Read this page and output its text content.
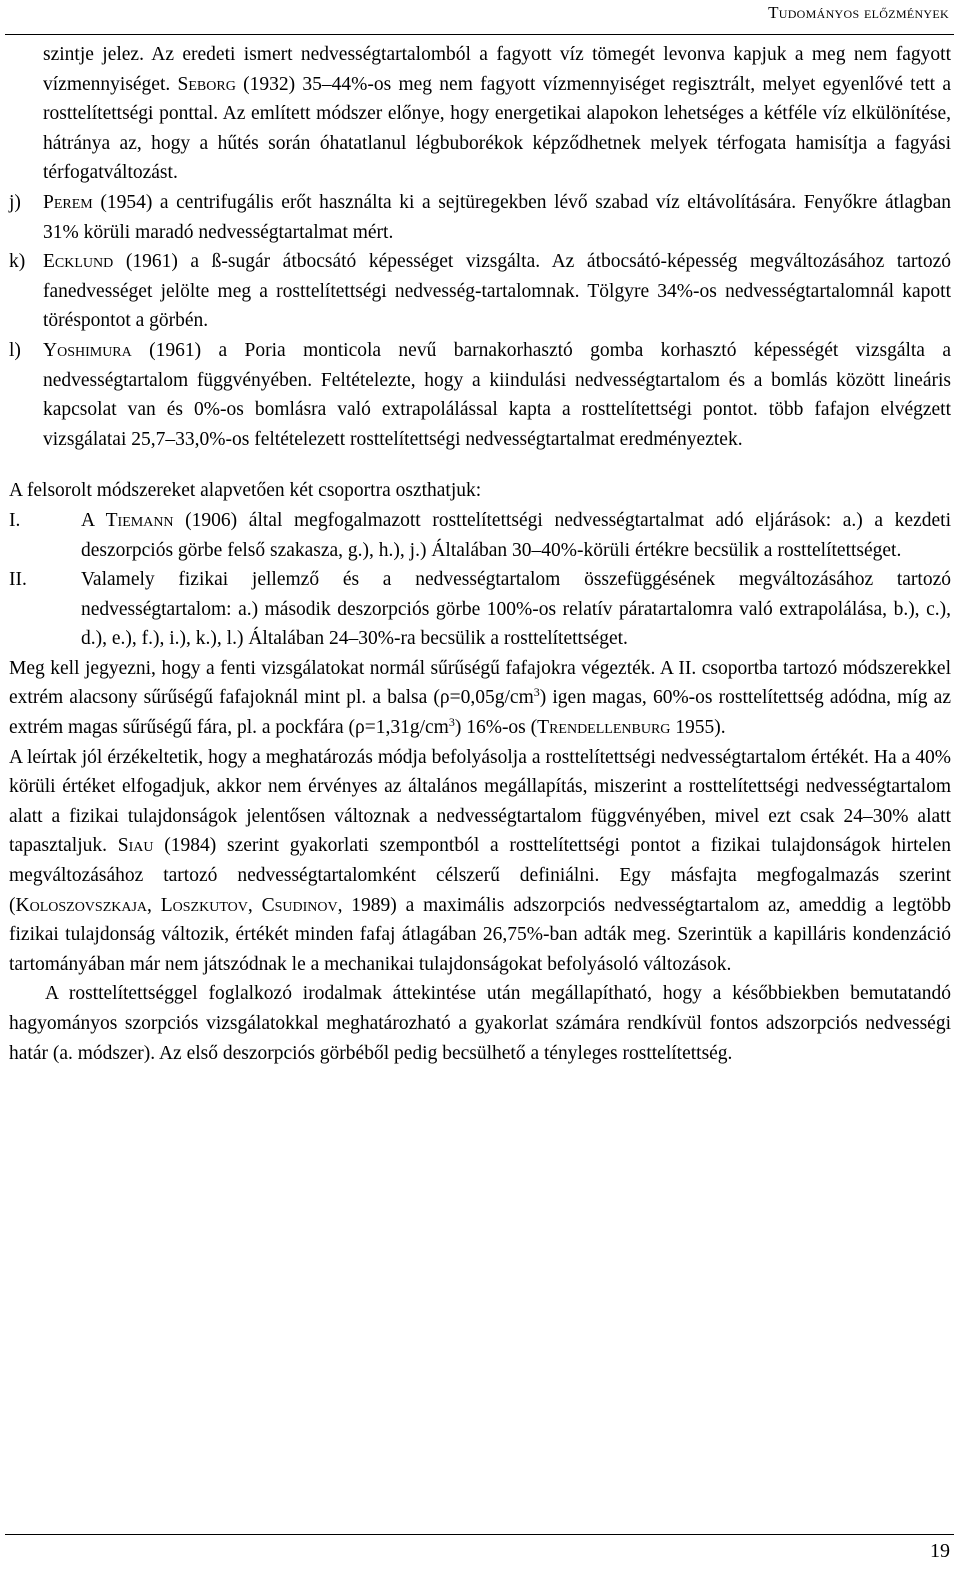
Tudományos előzmények

szintje jelez. Az eredeti ismert nedvességtartalomból a fagyott víz tömegét levonva kapjuk a meg nem fagyott vízmennyiséget. Seborg (1932) 35–44%-os meg nem fagyott vízmennyiséget regisztrált, melyet egyenlővé tett a rosttelítettségi ponttal. Az említett módszer előnye, hogy energetikai alapokon lehetséges a kétféle víz elkülönítése, hátránya az, hogy a hűtés során óhatatlanul légbuborékok képződhetnek melyek térfogata hamisítja a fagyási térfogatváltozást.

j)	Perem (1954) a centrifugális erőt használta ki a sejtüregekben lévő szabad víz eltávolítására. Fenyőkre átlagban 31% körüli maradó nedvességtartalmat mért.
k) Ecklund (1961) a ß-sugár átbocsátó képességet vizsgálta. Az átbocsátó-képesség megváltozásához tartozó fanedvességet jelölte meg a rosttelítettségi nedvesség-tartalomnak. Tölgyre 34%-os nedvességtartalomnál kapott töréspontot a görbén.
l)	Yoshimura (1961) a Poria monticola nevű barnakorhasztó gomba korhasztó képességét vizsgálta a nedvességtartalom függvényében. Feltételezte, hogy a kiindulási nedvességtartalom és a bomlás között lineáris kapcsolat van és 0%-os bomlásra való extrapolálással kapta a rosttelítettségi pontot. több fafajon elvégzett vizsgálatai 25,7–33,0%-os feltételezett rosttelítettségi nedvességtartalmat eredményeztek.

A felsorolt módszereket alapvetően két csoportra oszthatjuk:

I.	A Tiemann (1906) által megfogalmazott rosttelítettségi nedvességtartalmat adó eljárások: a.) a kezdeti deszorpciós görbe felső szakasza, g.), h.), j.) Általában 30–40%-körüli értékre becsülik a rosttelítettséget.
II.	Valamely fizikai jellemző és a nedvességtartalom összefüggésének megváltozásához tartozó nedvességtartalom: a.) második deszorpciós görbe 100%-os relatív páratartalomra való extrapolálása, b.), c.), d.), e.), f.), i.), k.), l.) Általában 24–30%-ra becsülik a rosttelítettséget.

Meg kell jegyezni, hogy a fenti vizsgálatokat normál sűrűségű fafajokra végezték. A II. csoportba tartozó módszerekkel extrém alacsony sűrűségű fafajoknál mint pl. a balsa $(\rho=0,05g/cm^3)$ igen magas, 60%-os rosttelítettség adódna, míg az extrém magas sűrűségű fára, pl. a pockfára $(\rho=1,31g/cm^3)$ 16%-os (Trendellenburg 1955).

A leírtak jól érzékeltetik, hogy a meghatározás módja befolyásolja a rosttelítettségi nedvességtartalom értékét. Ha a 40% körüli értéket elfogadjuk, akkor nem érvényes az általános megállapítás, miszerint a rosttelítettségi nedvességtartalom alatt a fizikai tulajdonságok jelentősen változnak a nedvességtartalom függvényében, mivel ezt csak 24–30% alatt tapasztaljuk. Siau (1984) szerint gyakorlati szempontból a rosttelítettségi pontot a fizikai tulajdonságok hirtelen megváltozásához tartozó nedvességtartalomként célszerű definiálni. Egy másfajta megfogalmazás szerint (Koloszovszkaja, Loszkutov, Csudinov, 1989) a maximális adszorpciós nedvességtartalom az, ameddig a legtöbb fizikai tulajdonság változik, értékét minden fafaj átlagában 26,75%-ban adták meg. Szerintük a kapilláris kondenzáció tartományában már nem játszódnak le a mechanikai tulajdonságokat befolyásoló változások.

A rosttelítettséggel foglalkozó irodalmak áttekintése után megállapítható, hogy a későbbiekben bemutatandó hagyományos szorpciós vizsgálatokkal meghatározható a gyakorlat számára rendkívül fontos adszorpciós nedvességi határ (a. módszer). Az első deszorpciós görbéből pedig becsülhető a tényleges rosttelítettség.

19
